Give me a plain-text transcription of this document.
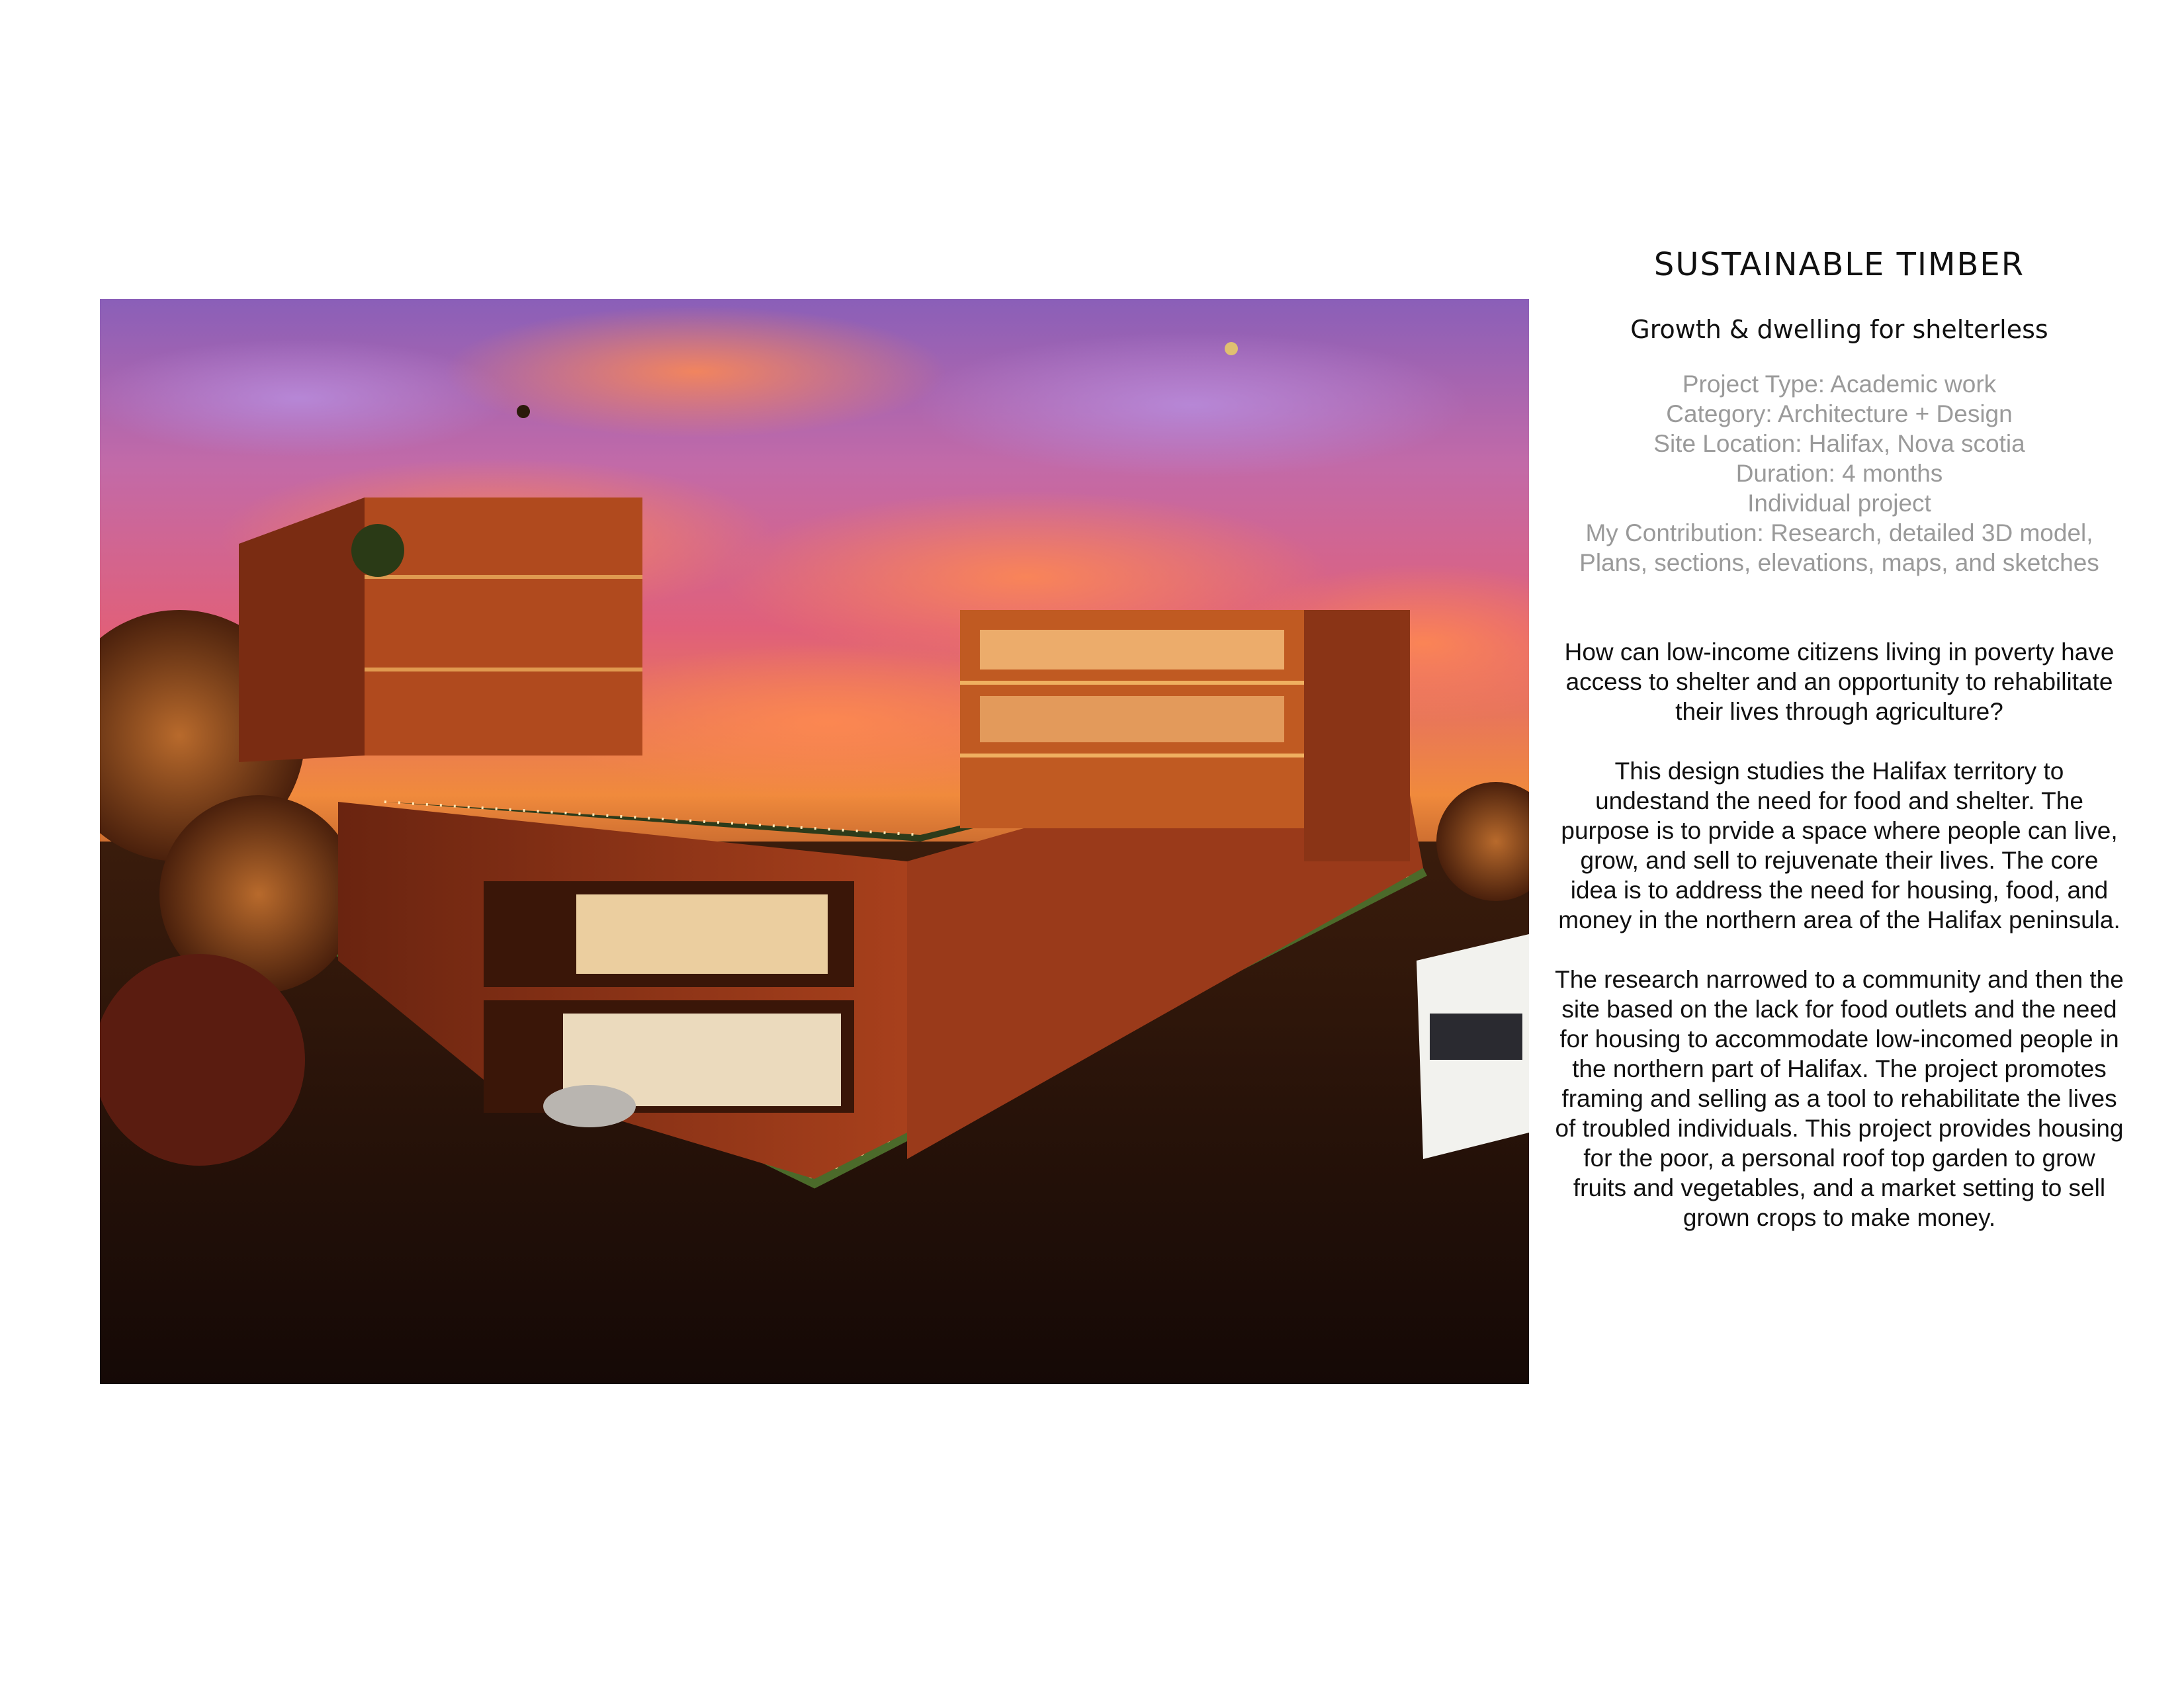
SUSTAINABLE TIMBER
Growth & dwelling for shelterless
Project Type: Academic work
Category: Architecture + Design
Site Location: Halifax, Nova scotia
Duration: 4 months
Individual project
My Contribution: Research, detailed 3D model,
Plans, sections, elevations, maps, and sketches

How can low-income citizens living in poverty have access to shelter and an opportunity to rehabilitate their lives through agriculture?

This design studies the Halifax territory to undestand the need for food and shelter. The purpose is to prvide a space where people can live, grow, and sell to rejuvenate their lives. The core idea is to address the need for housing, food, and money in the northern area of the Halifax peninsula.

The research narrowed to a community and then the site based on the lack for food outlets and the need for housing to accommodate low-incomed people in the northern part of Halifax. The project promotes framing and selling as a tool to rehabilitate the lives of troubled individuals. This project provides housing for the poor, a personal roof top garden to grow fruits and vegetables, and a market setting to sell grown crops to make money.
